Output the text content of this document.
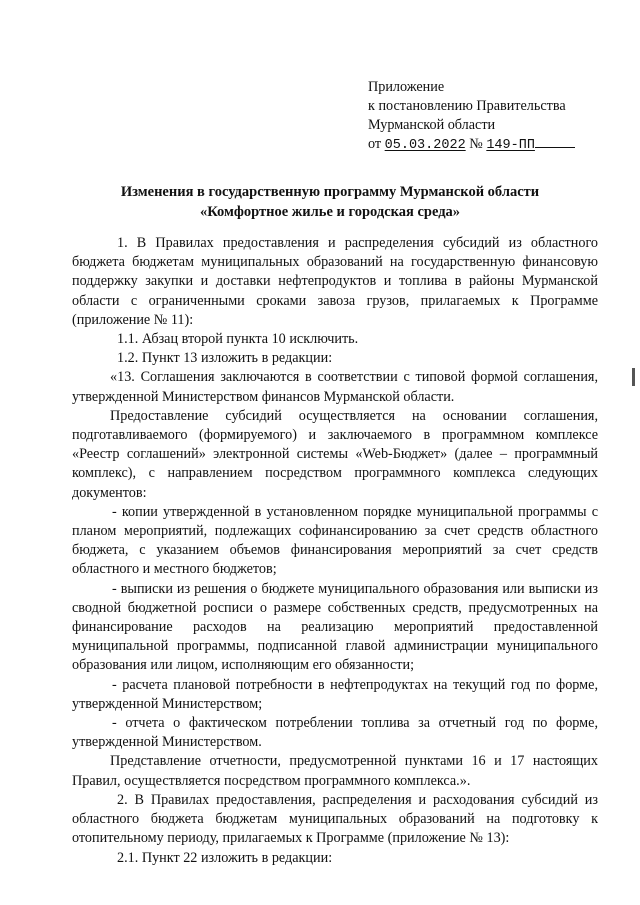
Приложение
к постановлению Правительства
Мурманской области
от 05.03.2022 № 149-ПП
Изменения в государственную программу Мурманской области
«Комфортное жилье и городская среда»

1. В Правилах предоставления и распределения субсидий из областного бюджета бюджетам муниципальных образований на государственную финансовую поддержку закупки и доставки нефтепродуктов и топлива в районы Мурманской области с ограниченными сроками завоза грузов, прилагаемых к Программе (приложение № 11):

1.1. Абзац второй пункта 10 исключить.

1.2. Пункт 13 изложить в редакции:

«13. Соглашения заключаются в соответствии с типовой формой соглашения, утвержденной Министерством финансов Мурманской области.

Предоставление субсидий осуществляется на основании соглашения, подготавливаемого (формируемого) и заключаемого в программном комплексе «Реестр соглашений» электронной системы «Web-Бюджет» (далее – программный комплекс), с направлением посредством программного комплекса следующих документов:

- копии утвержденной в установленном порядке муниципальной программы с планом мероприятий, подлежащих софинансированию за счет средств областного бюджета, с указанием объемов финансирования мероприятий за счет средств областного и местного бюджетов;

- выписки из решения о бюджете муниципального образования или выписки из сводной бюджетной росписи о размере собственных средств, предусмотренных на финансирование расходов на реализацию мероприятий предоставленной муниципальной программы, подписанной главой администрации муниципального образования или лицом, исполняющим его обязанности;

- расчета плановой потребности в нефтепродуктах на текущий год по форме, утвержденной Министерством;

- отчета о фактическом потреблении топлива за отчетный год по форме, утвержденной Министерством.

Представление отчетности, предусмотренной пунктами 16 и 17 настоящих Правил, осуществляется посредством программного комплекса.».

2. В Правилах предоставления, распределения и расходования субсидий из областного бюджета бюджетам муниципальных образований на подготовку к отопительному периоду, прилагаемых к Программе (приложение № 13):

2.1. Пункт 22 изложить в редакции:
